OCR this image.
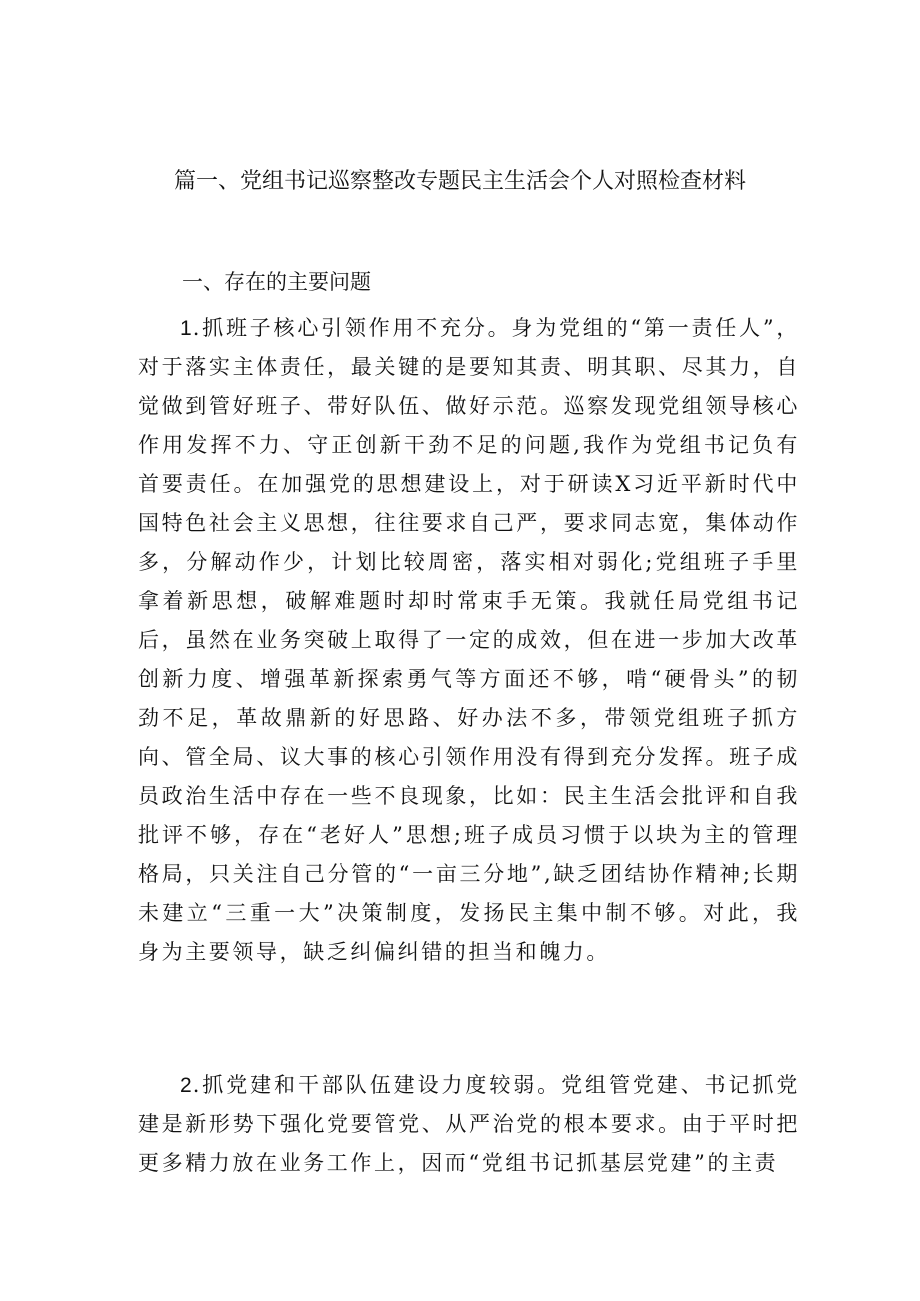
篇一、党组书记巡察整改专题民主生活会个人对照检查材料
一、存在的主要问题

1.抓班子核心引领作用不充分。身为党组的“第一责任人”，对于落实主体责任，最关键的是要知其责、明其职、尽其力，自觉做到管好班子、带好队伍、做好示范。巡察发现党组领导核心作用发挥不力、守正创新干劲不足的问题,我作为党组书记负有首要责任。在加强党的思想建设上，对于研读X习近平新时代中国特色社会主义思想，往往要求自己严，要求同志宽，集体动作多，分解动作少，计划比较周密，落实相对弱化;党组班子手里拿着新思想，破解难题时却时常束手无策。我就任局党组书记后，虽然在业务突破上取得了一定的成效，但在进一步加大改革创新力度、增强革新探索勇气等方面还不够，啃“硬骨头”的韧劲不足，革故鼎新的好思路、好办法不多，带领党组班子抓方向、管全局、议大事的核心引领作用没有得到充分发挥。班子成员政治生活中存在一些不良现象，比如：民主生活会批评和自我批评不够，存在“老好人”思想;班子成员习惯于以块为主的管理格局，只关注自己分管的“一亩三分地”,缺乏团结协作精神;长期未建立“三重一大”决策制度，发扬民主集中制不够。对此，我身为主要领导，缺乏纠偏纠错的担当和魄力。

2.抓党建和干部队伍建设力度较弱。党组管党建、书记抓党建是新形势下强化党要管党、从严治党的根本要求。由于平时把更多精力放在业务工作上，因而“党组书记抓基层党建”的主责
